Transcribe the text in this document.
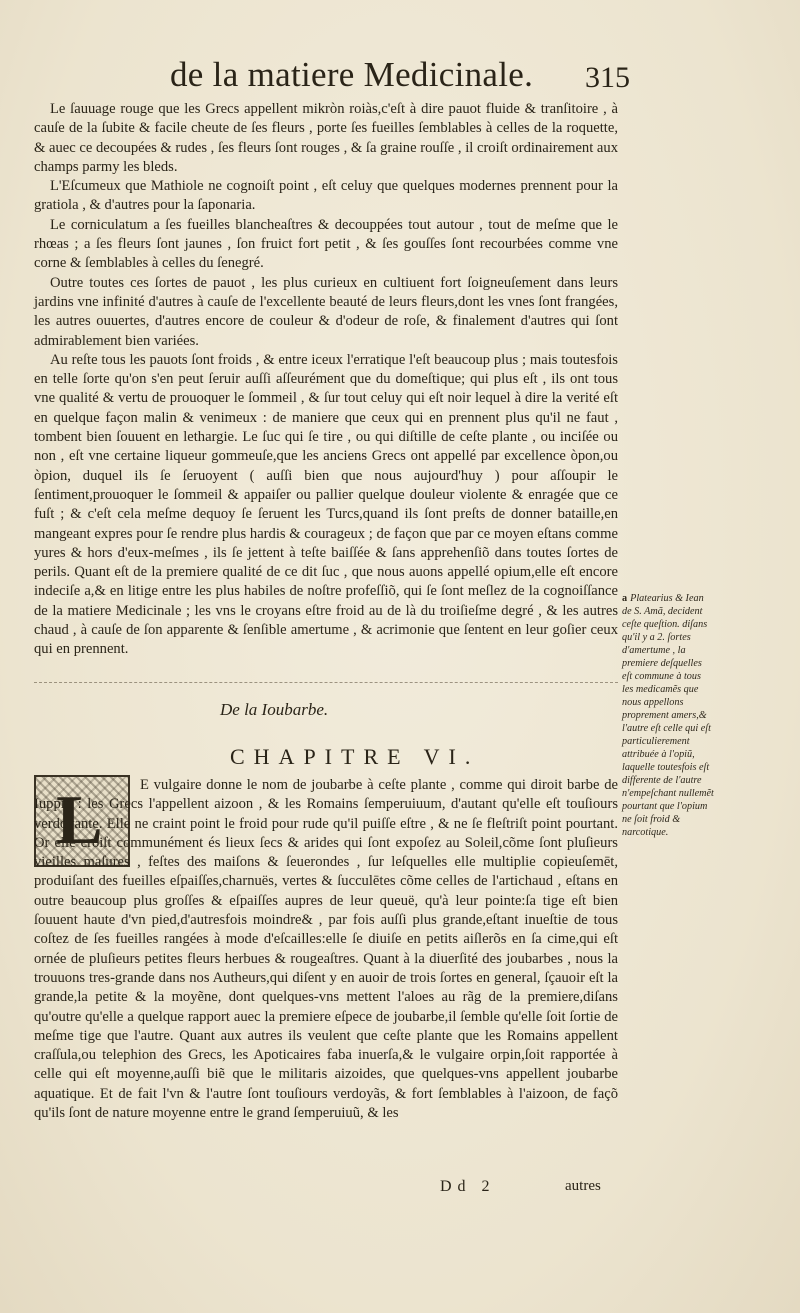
de la matiere Medicinale. 315

Le ſauuage rouge que les Grecs appellent mikròn roiàs,c'eſt à dire pauot fluide & tranſitoire , à cauſe de la ſubite & facile cheute de ſes fleurs , porte ſes fueilles ſemblables à celles de la roquette, & auec ce decoupées & rudes , ſes fleurs ſont rouges , & ſa graine rouſſe , il croiſt ordinairement aux champs parmy les bleds.

L'Eſcumeux que Mathiole ne cognoiſt point , eſt celuy que quelques modernes prennent pour la gratiola , & d'autres pour la ſaponaria.

Le corniculatum a ſes fueilles blancheaſtres & decouppées tout autour , tout de meſme que le rhœas ; a ſes fleurs ſont jaunes , ſon fruict fort petit , & ſes gouſſes ſont recourbées comme vne corne & ſemblables à celles du ſenegré.

Outre toutes ces ſortes de pauot , les plus curieux en cultiuent fort ſoigneuſement dans leurs jardins vne infinité d'autres à cauſe de l'excellente beauté de leurs fleurs,dont les vnes ſont frangées, les autres ouuertes, d'autres encore de couleur & d'odeur de roſe, & finalement d'autres qui ſont admirablement bien variées.

Au reſte tous les pauots ſont froids , & entre iceux l'erratique l'eſt beaucoup plus ; mais toutesfois en telle ſorte qu'on s'en peut ſeruir auſſi aſſeurément que du domeſtique; qui plus eſt , ils ont tous vne qualité & vertu de prouoquer le ſommeil , & ſur tout celuy qui eſt noir lequel à dire la verité eſt en quelque façon malin & venimeux : de maniere que ceux qui en prennent plus qu'il ne faut , tombent bien ſouuent en lethargie. Le ſuc qui ſe tire , ou qui diſtille de ceſte plante , ou inciſée ou non , eſt vne certaine liqueur gommeuſe,que les anciens Grecs ont appellé par excellence òpon,ou òpion, duquel ils ſe ſeruoyent ( auſſi bien que nous aujourd'huy ) pour aſſoupir le ſentiment,prouoquer le ſommeil & appaiſer ou pallier quelque douleur violente & enragée que ce fuſt ; & c'eſt cela meſme dequoy ſe ſeruent les Turcs,quand ils ſont preſts de donner bataille,en mangeant expres pour ſe rendre plus hardis & courageux ; de façon que par ce moyen eſtans comme yures & hors d'eux-meſmes , ils ſe jettent à teſte baiſſée & ſans apprehenſiõ dans toutes ſortes de perils. Quant eſt de la premiere qualité de ce dit ſuc , que nous auons appellé opium,elle eſt encore indeciſe a,& en litige entre les plus habiles de noſtre profeſſiõ, qui ſe ſont meſlez de la cognoiſſance de la matiere Medicinale ; les vns le croyans eſtre froid au de là du troiſieſme degré , & les autres chaud , à cauſe de ſon apparente & ſenſible amertume , & acrimonie que ſentent en leur goſier ceux qui en prennent.

De la Ioubarbe.
CHAPITRE VI.
L	E vulgaire donne le nom de joubarbe à ceſte plante , comme qui diroit barbe de Iuppin : les Grecs l'appellent aizoon , & les Romains ſemperuiuum, d'autant qu'elle eſt touſiours verdoyante. Elle ne craint point le froid pour rude qu'il puiſſe eſtre , & ne ſe fleſtriſt point pourtant. Or elle croiſt communément és lieux ſecs & arides qui ſont expoſez au Soleil,cõme ſont pluſieurs vieilles maſures , feſtes des maiſons & ſeuerondes , ſur leſquelles elle multiplie copieuſemēt, produiſant des fueilles eſpaiſſes,charnuës, vertes & ſucculētes cõme celles de l'artichaud , eſtans en outre beaucoup plus groſſes & eſpaiſſes aupres de leur queuë, qu'à leur pointe:ſa tige eſt bien ſouuent haute d'vn pied,d'autresfois moindre& , par fois auſſi plus grande,eſtant inueſtie de tous coſtez de ſes fueilles rangées à mode d'eſcailles:elle ſe diuiſe en petits aiſlerõs en ſa cime,qui eſt ornée de pluſieurs petites fleurs herbues & rougeaſtres. Quant à la diuerſité des joubarbes , nous la trouuons tres-grande dans nos Autheurs,qui diſent y en auoir de trois ſortes en general, ſçauoir eſt la grande,la petite & la moyẽne, dont quelques-vns mettent l'aloes au rãg de la premiere,diſans qu'outre qu'elle a quelque rapport auec la premiere eſpece de joubarbe,il ſemble qu'elle ſoit ſortie de meſme tige que l'autre. Quant aux autres ils veulent que ceſte plante que les Romains appellent craſſula,ou telephion des Grecs, les Apoticaires faba inuerſa,& le vulgaire orpin,ſoit rapportée à celle qui eſt moyenne,auſſi biẽ que le militaris aizoides, que quelques-vns appellent joubarbe aquatique. Et de fait l'vn & l'autre ſont touſiours verdoyãs, & fort ſemblables à l'aizoon, de façõ qu'ils ſont de nature moyenne entre le grand ſemperuiuũ, & les
a Platearius & Iean de S. Amã, decident ceſte queſtion. diſans qu'il y a 2. ſortes d'amertume , la premiere deſquelles eſt commune à tous les medicamẽs que nous appellons proprement amers,& l'autre eſt celle qui eſt particulierement attribuée à l'opiũ, laquelle toutesfois eſt differente de l'autre n'empeſchant nullemẽt pourtant que l'opium ne ſoit froid & narcotique.
Dd 2	autres
